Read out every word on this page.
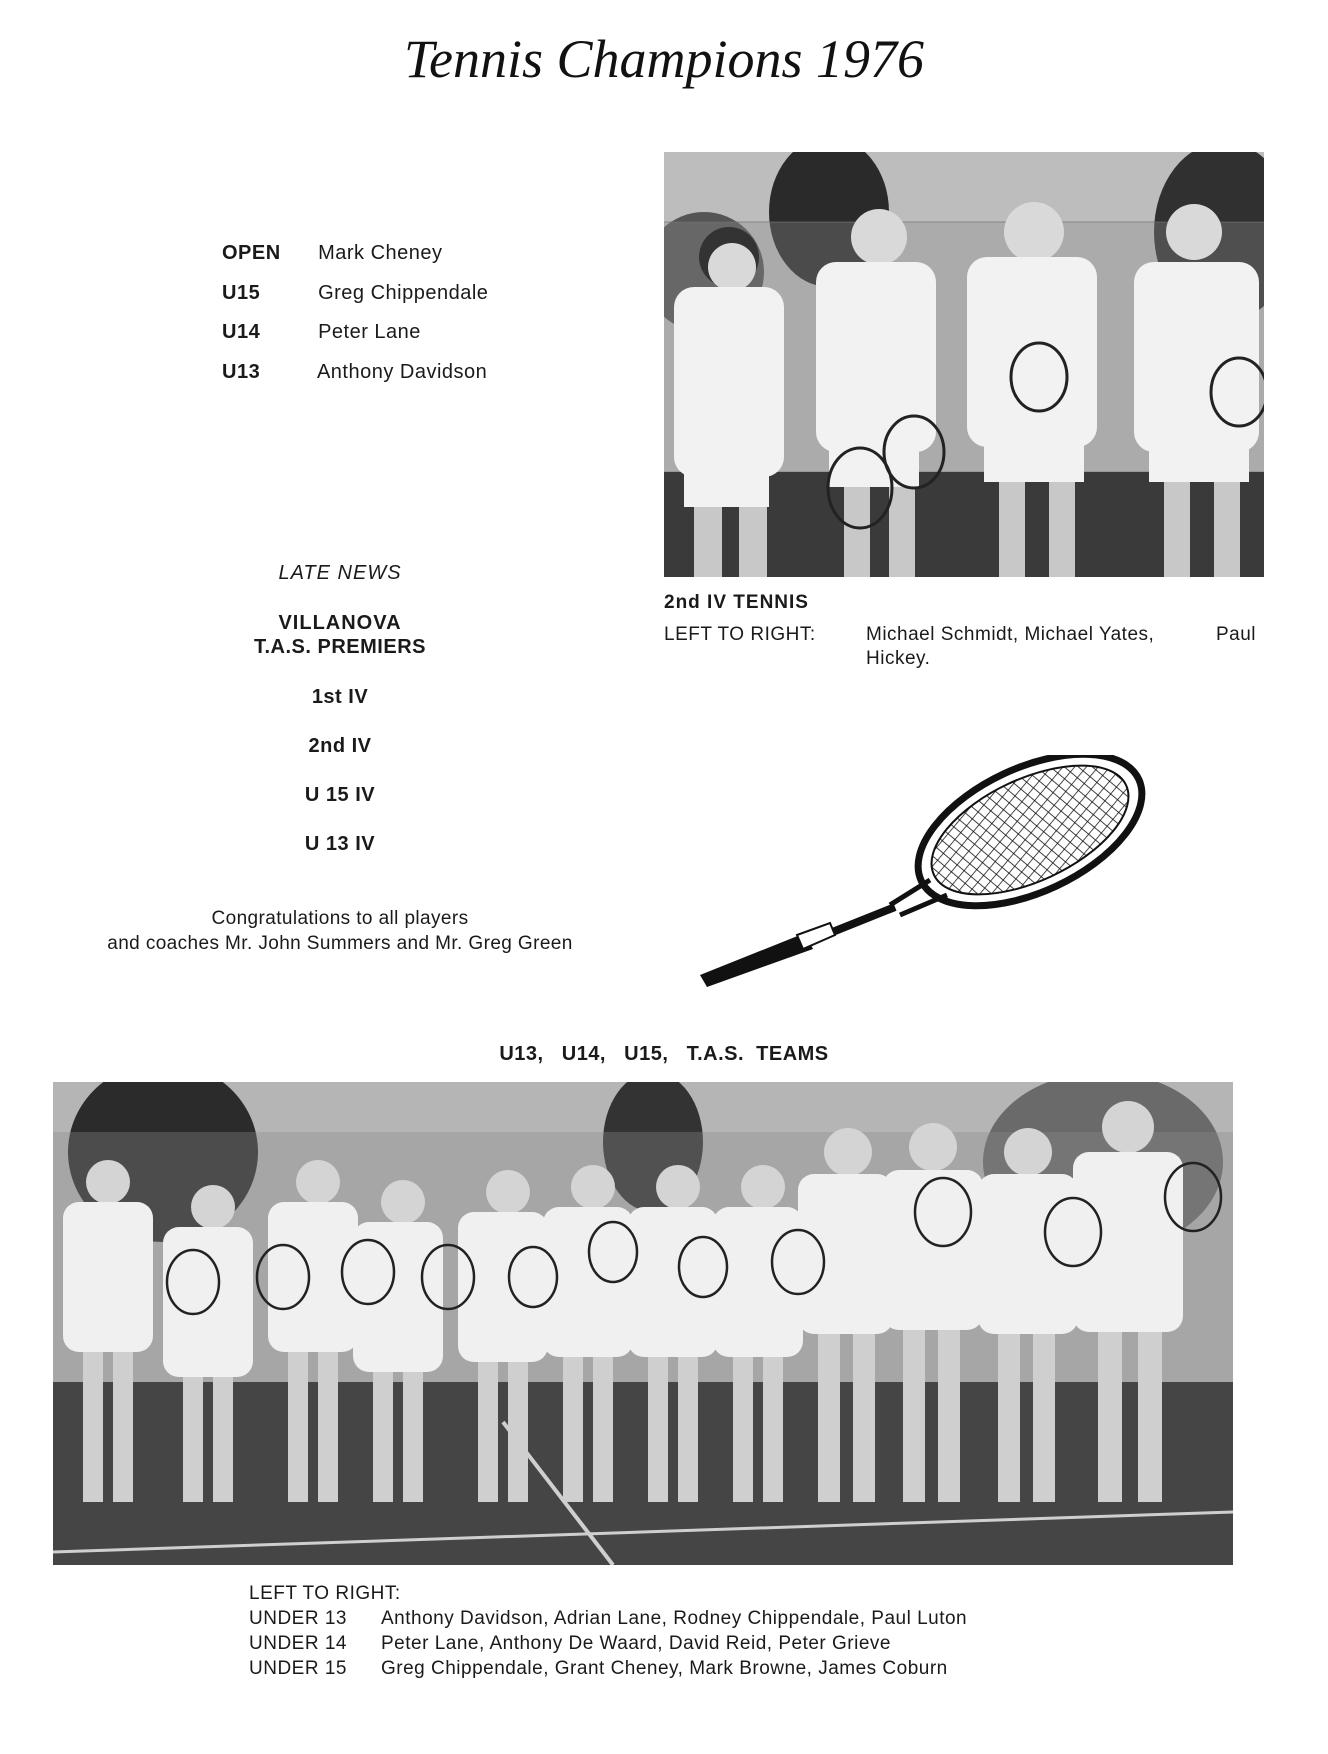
Tennis Champions 1976
OPEN Mark Cheney
U15	Greg Chippendale
U14	Peter Lane
U13	Anthony Davidson
2nd IV TENNIS
LEFT TO RIGHT:	Michael Schmidt, Michael Yates,	Paul
Hickey.
LATE NEWS
VILLANOVA
T.A.S. PREMIERS
1st IV
2nd IV
U 15 IV
U 13 IV
Congratulations to all players
and coaches Mr. John Summers and Mr. Greg Green
U13,   U14,   U15,   T.A.S.  TEAMS
LEFT TO RIGHT:
UNDER 13 Anthony Davidson, Adrian Lane, Rodney Chippendale, Paul Luton
UNDER 14 Peter Lane, Anthony De Waard, David Reid, Peter Grieve
UNDER 15 Greg Chippendale, Grant Cheney, Mark Browne, James Coburn
